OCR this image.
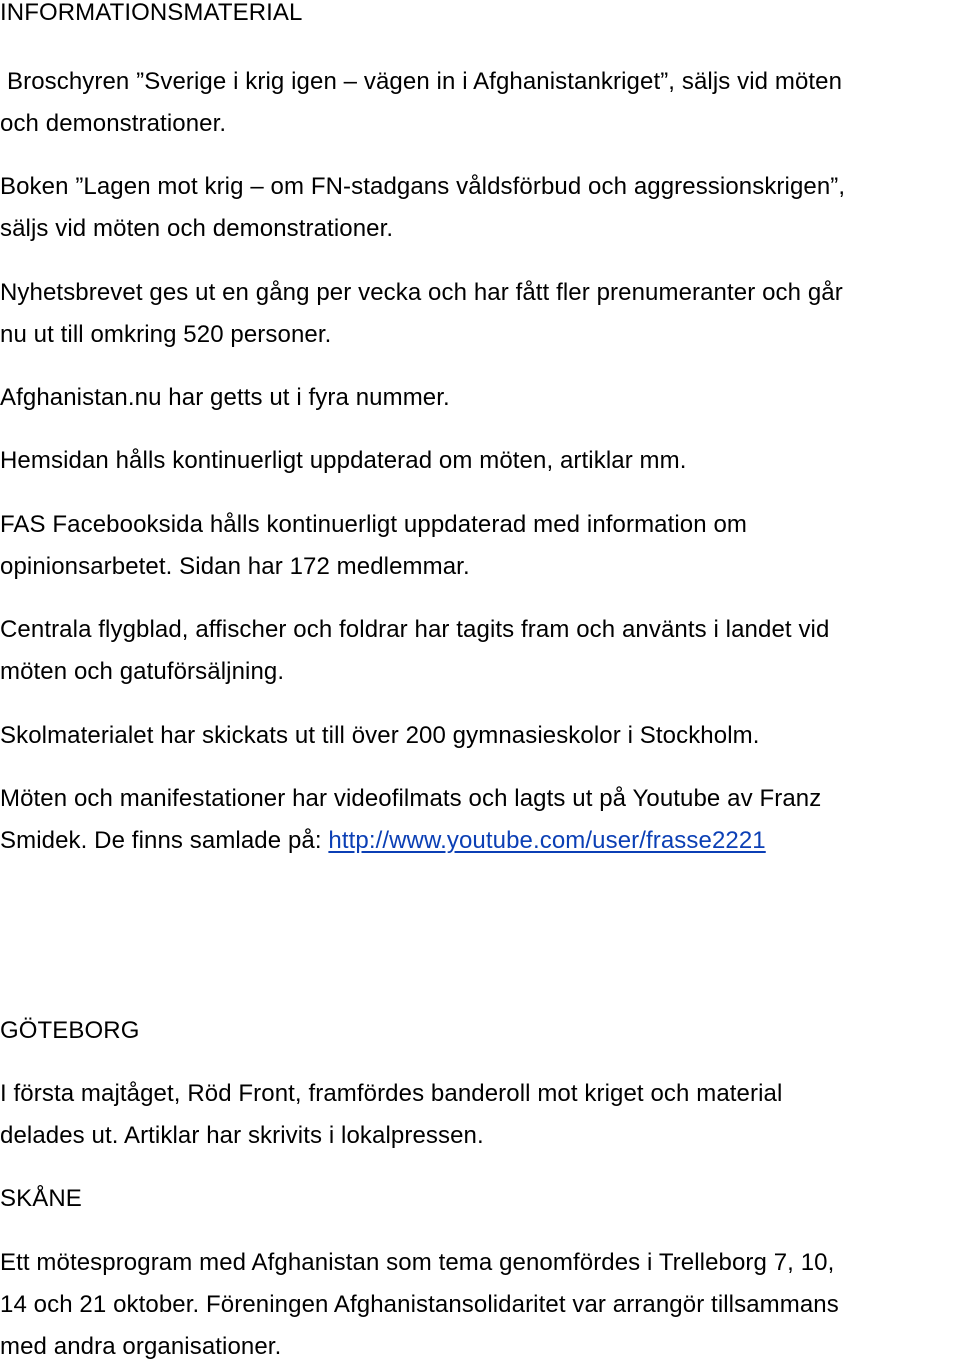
INFORMATIONSMATERIAL

Broschyren ”Sverige i krig igen – vägen in i Afghanistankriget”, säljs vid möten

och demonstrationer.

Boken ”Lagen mot krig – om FN-stadgans våldsförbud och aggressionskrigen”,

säljs vid möten och demonstrationer.

Nyhetsbrevet ges ut en gång per vecka och har fått fler prenumeranter och går

nu ut till omkring 520 personer.

Afghanistan.nu har getts ut i fyra nummer.

Hemsidan hålls kontinuerligt uppdaterad om möten, artiklar mm.

FAS Facebooksida hålls kontinuerligt uppdaterad med information om

opinionsarbetet. Sidan har 172 medlemmar.

Centrala flygblad, affischer och foldrar har tagits fram och använts i landet vid

möten och gatuförsäljning.

Skolmaterialet har skickats ut till över 200 gymnasieskolor i Stockholm.

Möten och manifestationer har videofilmats och lagts ut på Youtube av Franz

Smidek. De finns samlade på: http://www.youtube.com/user/frasse2221

GÖTEBORG

I första majtåget, Röd Front, framfördes banderoll mot kriget och material

delades ut. Artiklar har skrivits i lokalpressen.

SKÅNE

Ett mötesprogram med Afghanistan som tema genomfördes i Trelleborg 7, 10,

14 och 21 oktober. Föreningen Afghanistansolidaritet var arrangör tillsammans

med andra organisationer.
